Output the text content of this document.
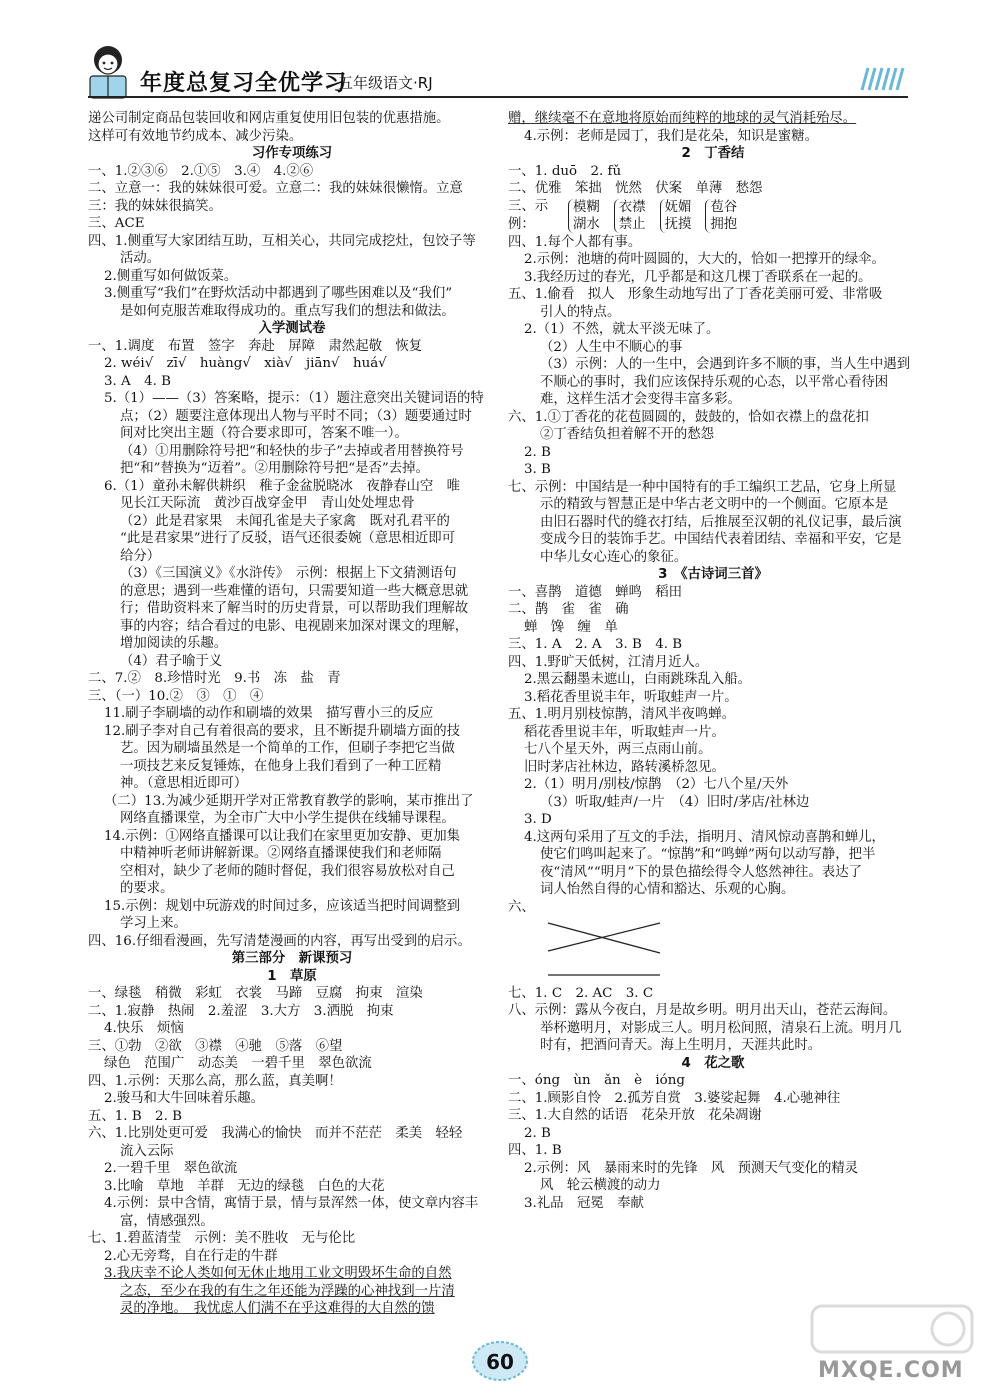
年度总复习全优学习
五年级语文·RJ
递公司制定商品包装回收和网店重复使用旧包装的优惠措施。
这样可有效地节约成本、减少污染。
习作专项练习
一、1.②③⑥　2.①⑤　3.④　4.②⑥
二、立意一：我的妹妹很可爱。立意二：我的妹妹很懒惰。立意
三：我的妹妹很搞笑。
三、ACE
四、1.侧重写大家团结互助，互相关心，共同完成挖灶，包饺子等
活动。
2.侧重写如何做饭菜。
3.侧重写“我们”在野炊活动中都遇到了哪些困难以及“我们”
是如何克服苦难取得成功的。重点写我们的想法和做法。
入学测试卷
一、1.调度　布置　签字　奔赴　屏障　肃然起敬　恢复
2. wéi√　zī√　huàng√　xià√　jiān√　huá√
3. A　4. B
5.（1）——（3）答案略，提示：（1）题注意突出关键词语的特
点；（2）题要注意体现出人物与平时不同；（3）题要通过时
间对比突出主题（符合要求即可，答案不唯一）。
（4）①用删除符号把“和轻快的步子”去掉或者用替换符号
把“和”替换为“迈着”。②用删除符号把“是否”去掉。
6.（1）童孙未解供耕织　稚子金盆脱晓冰　夜静春山空　唯
见长江天际流　黄沙百战穿金甲　青山处处埋忠骨
（2）此是君家果　未闻孔雀是夫子家禽　既对孔君平的
“此是君家果”进行了反驳，语气还很委婉（意思相近即可
给分）
（3）《三国演义》《水浒传》　示例：根据上下文猜测语句
的意思；遇到一些难懂的语句，只需要知道一些大概意思就
行；借助资料来了解当时的历史背景，可以帮助我们理解故
事的内容；结合看过的电影、电视剧来加深对课文的理解，
增加阅读的乐趣。
（4）君子喻于义
二、7.②　8.珍惜时光　9.书　冻　盐　青
三、（一）10.②　③　①　④
11.刷子李刷墙的动作和刷墙的效果　描写曹小三的反应
12.刷子李对自己有着很高的要求，且不断提升刷墙方面的技
艺。因为刷墙虽然是一个简单的工作，但刷子李把它当做
一项技艺来反复锤炼，在他身上我们看到了一种工匠精
神。（意思相近即可）
（二）13.为减少延期开学对正常教育教学的影响，某市推出了
网络直播课堂，为全市广大中小学生提供在线辅导课程。
14.示例：①网络直播课可以让我们在家里更加安静、更加集
中精神听老师讲解新课。②网络直播课使我们和老师隔
空相对，缺少了老师的随时督促，我们很容易放松对自己
的要求。
15.示例：规划中玩游戏的时间过多，应该适当把时间调整到
学习上来。
四、16.仔细看漫画，先写清楚漫画的内容，再写出受到的启示。
第三部分　新课预习
1　草原
一、绿毯　稍微　彩虹　衣裳　马蹄　豆腐　拘束　渲染
二、1.寂静　热闹　2.羞涩　3.大方　3.洒脱　拘束
4.快乐　烦恼
三、①勃　②欲　③襟　④驰　⑤落　⑥望
绿色　范围广　动态美　一碧千里　翠色欲流
四、1.示例：天那么高，那么蓝，真美啊！
2.骏马和大牛回味着乐趣。
五、1. B　2. B
六、1.比别处更可爱　我满心的愉快　而并不茫茫　柔美　轻轻
流入云际
2.一碧千里　翠色欲流
3.比喻　草地　羊群　无边的绿毯　白色的大花
4.示例：景中含情，寓情于景，情与景浑然一体，使文章内容丰
富，情感强烈。
七、1.碧蓝清莹　示例：美不胜收　无与伦比
2.心无旁骛，自在行走的牛群
3.我庆幸不论人类如何无休止地用工业文明毁坏生命的自然
之态，至少在我的有生之年还能为浮躁的心神找到一片清
灵的净地。　我忧虑人们满不在乎这难得的大自然的馈
赠，继续毫不在意地将原始而纯粹的地球的灵气消耗殆尽。
4.示例：老师是园丁，我们是花朵，知识是蜜糖。
2　丁香结
一、1. duō　2. fǔ
二、优雅　笨拙　恍然　伏案　单薄　愁怨
三、示例：
模糊
湖水
衣襟
禁止
妩媚
抚摸
苞谷
拥抱
四、1.每个人都有事。
2.示例：池塘的荷叶圆圆的，大大的，恰如一把撑开的绿伞。
3.我经历过的春光，几乎都是和这几棵丁香联系在一起的。
五、1.偷看　拟人　形象生动地写出了丁香花美丽可爱、非常吸
引人的特点。
2.（1）不然，就太平淡无味了。
（2）人生中不顺心的事
（3）示例：人的一生中，会遇到许多不顺的事，当人生中遇到
不顺心的事时，我们应该保持乐观的心态，以平常心看待困
难，这样生活才会变得丰富多彩。
六、1.①丁香花的花苞圆圆的，鼓鼓的，恰如衣襟上的盘花扣
②丁香结负担着解不开的愁怨
2. B
3. B
七、示例：中国结是一种中国特有的手工编织工艺品，它身上所显
示的精致与智慧正是中华古老文明中的一个侧面。它原本是
由旧石器时代的缝衣打结，后推展至汉朝的礼仪记事，最后演
变成今日的装饰手艺。中国结代表着团结、幸福和平安，它是
中华儿女心连心的象征。
3　《古诗词三首》
一、喜鹊　道德　蝉鸣　稻田
二、鹊　雀　雀　确
蝉　馋　缠　单
三、1. A　2. A　3. B　4. B
四、1.野旷天低树，江清月近人。
2.黑云翻墨未遮山，白雨跳珠乱入船。
3.稻花香里说丰年，听取蛙声一片。
五、1.明月别枝惊鹊，清风半夜鸣蝉。
稻花香里说丰年，听取蛙声一片。
七八个星天外，两三点雨山前。
旧时茅店社林边，路转溪桥忽见。
2.（1）明月/别枝/惊鹊　（2）七八个星/天外
（3）听取/蛙声/一片　（4）旧时/茅店/社林边
3. D
4.这两句采用了互文的手法，指明月、清风惊动喜鹊和蝉儿，
使它们鸣叫起来了。“惊鹊”和“鸣蝉”两句以动写静，把半
夜“清风”“明月”下的景色描绘得令人悠然神往。表达了
词人怡然自得的心情和豁达、乐观的心胸。
六、
七、1. C　2. AC　3. C
八、示例：露从今夜白，月是故乡明。明月出天山，苍茫云海间。
举杯邀明月，对影成三人。明月松间照，清泉石上流。明月几
时有，把酒问青天。海上生明月，天涯共此时。
4　花之歌
一、óng　ùn　ǎn　è　ióng
二、1.顾影自怜　2.孤芳自赏　3.婆娑起舞　4.心驰神往
三、1.大自然的话语　花朵开放　花朵凋谢
2. B
四、1. B
2.示例：风　暴雨来时的先锋　风　预测天气变化的精灵
风　轮云横渡的动力
3.礼品　冠冕　奉献
60	MXQE.COM
